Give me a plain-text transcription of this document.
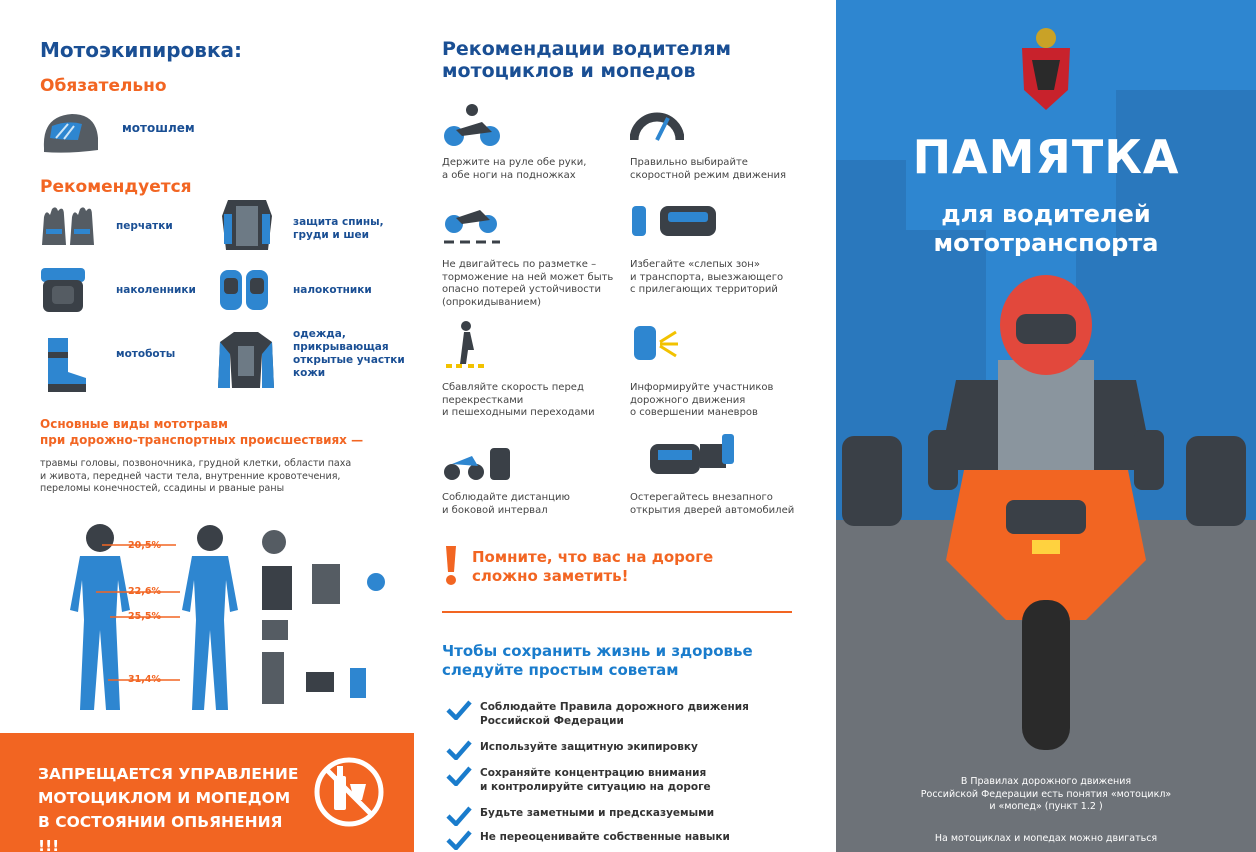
Мотоэкипировка:
Обязательно
мотошлем
Рекомендуется
перчатки	защита спины,
груди и шеи
наколенники	налокотники
мотоботы
одежда,
прикрывающая
открытые участки
кожи
Основные виды мототравм
при дорожно-транспортных происшествиях —
травмы головы, позвоночника, грудной клетки, области паха
и живота, передней части тела, внутренние кровотечения,
переломы конечностей, ссадины и рваные раны
20,5%
22,6%
25,5%
31,4%
ЗАПРЕЩАЕТСЯ УПРАВЛЕНИЕ
МОТОЦИКЛОМ И МОПЕДОМ
В СОСТОЯНИИ ОПЬЯНЕНИЯ !!!
Рекомендации водителям
мотоциклов и мопедов
Держите на руле обе руки,
а обе ноги на подножках
Правильно выбирайте
скоростной режим движения
Не двигайтесь по разметке –
торможение на ней может быть
опасно потерей устойчивости
(опрокидыванием)
Избегайте «слепых зон»
и транспорта, выезжающего
с прилегающих территорий
Сбавляйте скорость перед
перекрестками
и пешеходными переходами
Информируйте участников
дорожного движения
о совершении маневров
Соблюдайте дистанцию
и боковой интервал
Остерегайтесь внезапного
открытия дверей автомобилей
Помните, что вас на дороге
сложно заметить!
Чтобы сохранить жизнь и здоровье
следуйте простым советам
Соблюдайте Правила дорожного движения
Российской Федерации
Используйте защитную экипировку
Сохраняйте концентрацию внимания
и контролируйте ситуацию на дороге
Будьте заметными и предсказуемыми
Не переоценивайте собственные навыки
ПАМЯТКА
для водителей
мототранспорта
В Правилах дорожного движения
Российской Федерации есть понятия «мотоцикл»
и «мопед» (пункт 1.2 )
На мотоциклах и мопедах можно двигаться
